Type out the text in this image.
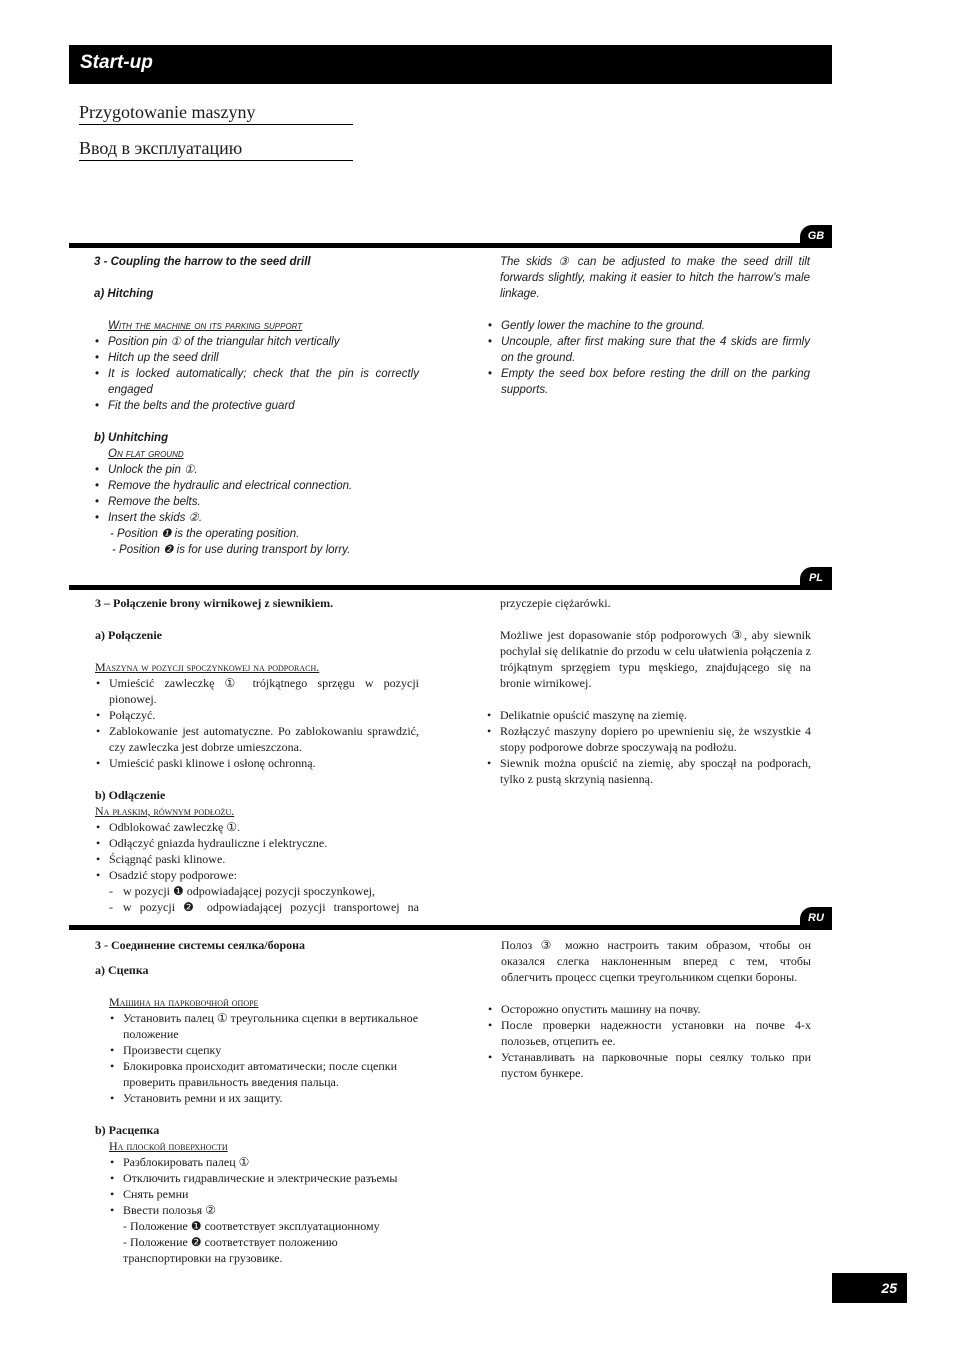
Start-up
Przygotowanie maszyny
Ввод в эксплуатацию
GB
3 - Coupling the harrow to the seed drill
a) Hitching
With the machine on its parking support
• Position pin ① of the triangular hitch vertically
• Hitch up the seed drill
• It is locked automatically; check that the pin is correctly engaged
• Fit the belts and the protective guard
b) Unhitching
On flat ground
• Unlock the pin ①.
• Remove the hydraulic and electrical connection.
• Remove the belts.
• Insert the skids ②.
- Position ❶ is the operating position.
- Position ❷ is for use during transport by lorry.
The skids ③ can be adjusted to make the seed drill tilt forwards slightly, making it easier to hitch the harrow’s male linkage.
• Gently lower the machine to the ground.
• Uncouple, after first making sure that the 4 skids are firmly on the ground.
• Empty the seed box before resting the drill on the parking supports.
PL
3 – Połączenie brony wirnikowej z siewnikiem.
a) Połączenie
Maszyna w pozycji spoczynkowej na podporach.
• Umieścić zawleczkę ① trójkątnego sprzęgu w pozycji pionowej.
• Połączyć.
• Zablokowanie jest automatyczne. Po zablokowaniu sprawdzić, czy zawleczka jest dobrze umieszczona.
• Umieścić paski klinowe i osłonę ochronną.
b) Odłączenie
Na płaskim, równym podłożu.
• Odblokować zawleczkę ①.
• Odłączyć gniazda hydrauliczne i elektryczne.
• Ściągnąć paski klinowe.
• Osadzić stopy podporowe:
- w pozycji ❶ odpowiadającej pozycji spoczynkowej,
- w pozycji ❷ odpowiadającej pozycji transportowej na
przyczepie ciężarówki.
Możliwe jest dopasowanie stóp podporowych ③, aby siewnik pochylał się delikatnie do przodu w celu ułatwienia połączenia z trójkątnym sprzęgiem typu męskiego, znajdującego się na bronie wirnikowej.
• Delikatnie opuścić maszynę na ziemię.
• Rozłączyć maszyny dopiero po upewnieniu się, że wszystkie 4 stopy podporowe dobrze spoczywają na podłożu.
• Siewnik można opuścić na ziemię, aby spoczął na podporach, tylko z pustą skrzynią nasienną.
RU
3 - Соединение системы сеялка/борона
a) Сцепка
Машина на парковочной опоре
• Установить палец ① треугольника сцепки в вертикальное положение
• Произвести сцепку
• Блокировка происходит автоматически; после сцепки проверить правильность введения пальца.
• Установить ремни и их защиту.
b) Расцепка
На плоской поверхности
• Разблокировать палец ①
• Отключить гидравлические и электрические разъемы
• Снять ремни
• Ввести полозья ②
- Положение ❶ соответствует эксплуатационному
- Положение ❷ соответствует положению транспортировки на грузовике.
Полоз ③ можно настроить таким образом, чтобы он оказался слегка наклоненным вперед с тем, чтобы облегчить процесс сцепки треугольником сцепки бороны.
• Осторожно опустить машину на почву.
• После проверки надежности установки на почве 4-х полозьев, отцепить ее.
• Устанавливать на парковочные поры сеялку только при пустом бункере.
25
